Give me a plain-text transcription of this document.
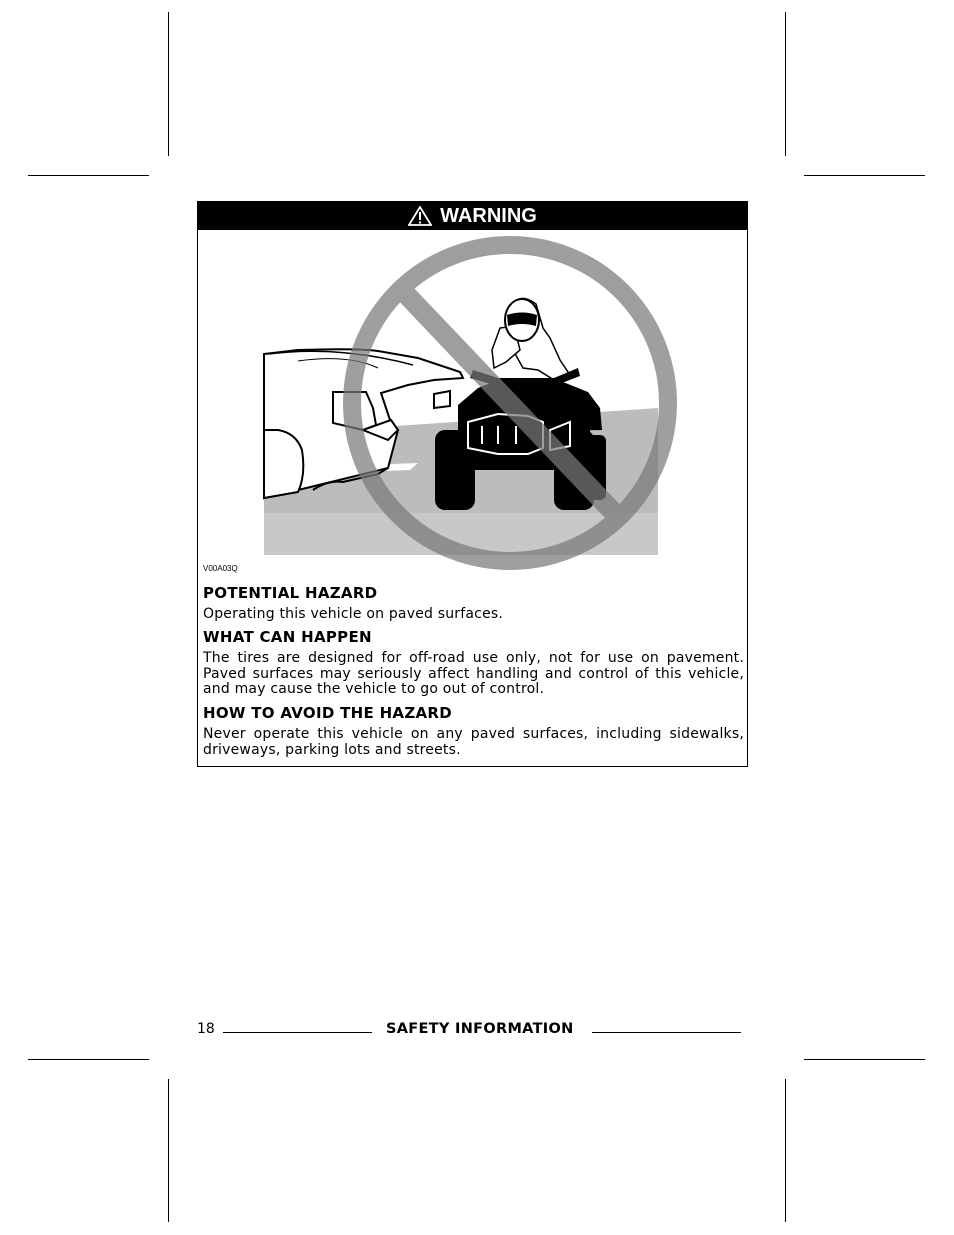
WARNING
V00A03Q
POTENTIAL HAZARD
Operating this vehicle on paved surfaces.
WHAT CAN HAPPEN
The tires are designed for off-road use only, not for use on pavement. Paved surfaces may seriously affect handling and control of this vehicle, and may cause the vehicle to go out of control.
HOW TO AVOID THE HAZARD
Never operate this vehicle on any paved surfaces, including sidewalks, driveways, parking lots and streets.
18	SAFETY INFORMATION
